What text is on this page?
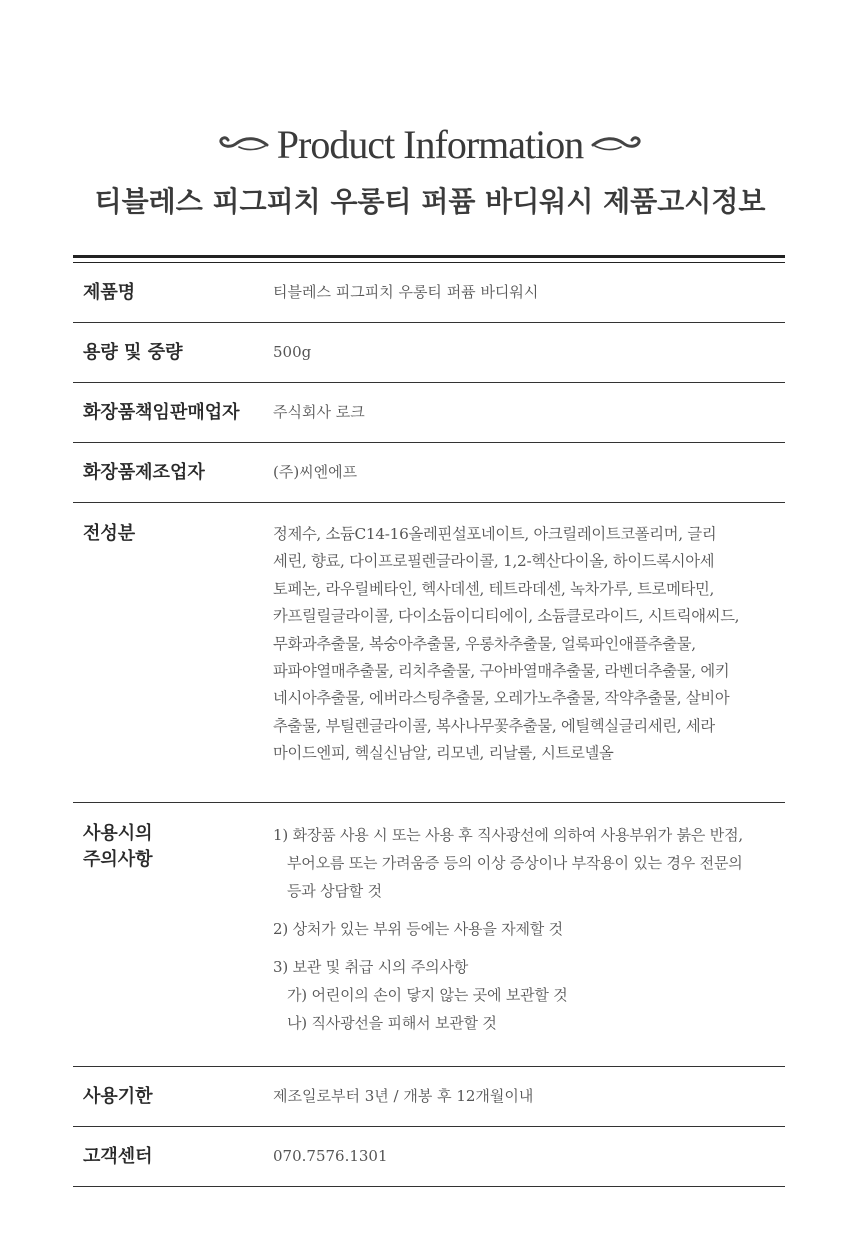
Product Information
티블레스 피그피치 우롱티 퍼퓸 바디워시 제품고시정보
제품명	티블레스 피그피치 우롱티 퍼퓸 바디워시
용량 및 중량	500g
화장품책임판매업자	주식회사 로크
화장품제조업자	(주)씨엔에프
전성분	정제수, 소듐C14-16올레핀설포네이트, 아크릴레이트코폴리머, 글리
세린, 향료, 다이프로필렌글라이콜, 1,2-헥산다이올, 하이드록시아세
토페논, 라우릴베타인, 헥사데센, 테트라데센, 녹차가루, 트로메타민,
카프릴릴글라이콜, 다이소듐이디티에이, 소듐클로라이드, 시트릭애씨드,
무화과추출물, 복숭아추출물, 우롱차추출물, 얼룩파인애플추출물,
파파야열매추출물, 리치추출물, 구아바열매추출물, 라벤더추출물, 에키
네시아추출물, 에버라스팅추출물, 오레가노추출물, 작약추출물, 살비아
추출물, 부틸렌글라이콜, 복사나무꽃추출물, 에틸헥실글리세린, 세라
마이드엔피, 헥실신남알, 리모넨, 리날룰, 시트로넬올
사용시의
주의사항
1) 화장품 사용 시 또는 사용 후 직사광선에 의하여 사용부위가 붉은 반점,
부어오름 또는 가려움증 등의 이상 증상이나 부작용이 있는 경우 전문의
등과 상담할 것
2) 상처가 있는 부위 등에는 사용을 자제할 것
3) 보관 및 취급 시의 주의사항
가) 어린이의 손이 닿지 않는 곳에 보관할 것
나) 직사광선을 피해서 보관할 것
사용기한	제조일로부터 3년 / 개봉 후 12개월이내
고객센터	070.7576.1301
